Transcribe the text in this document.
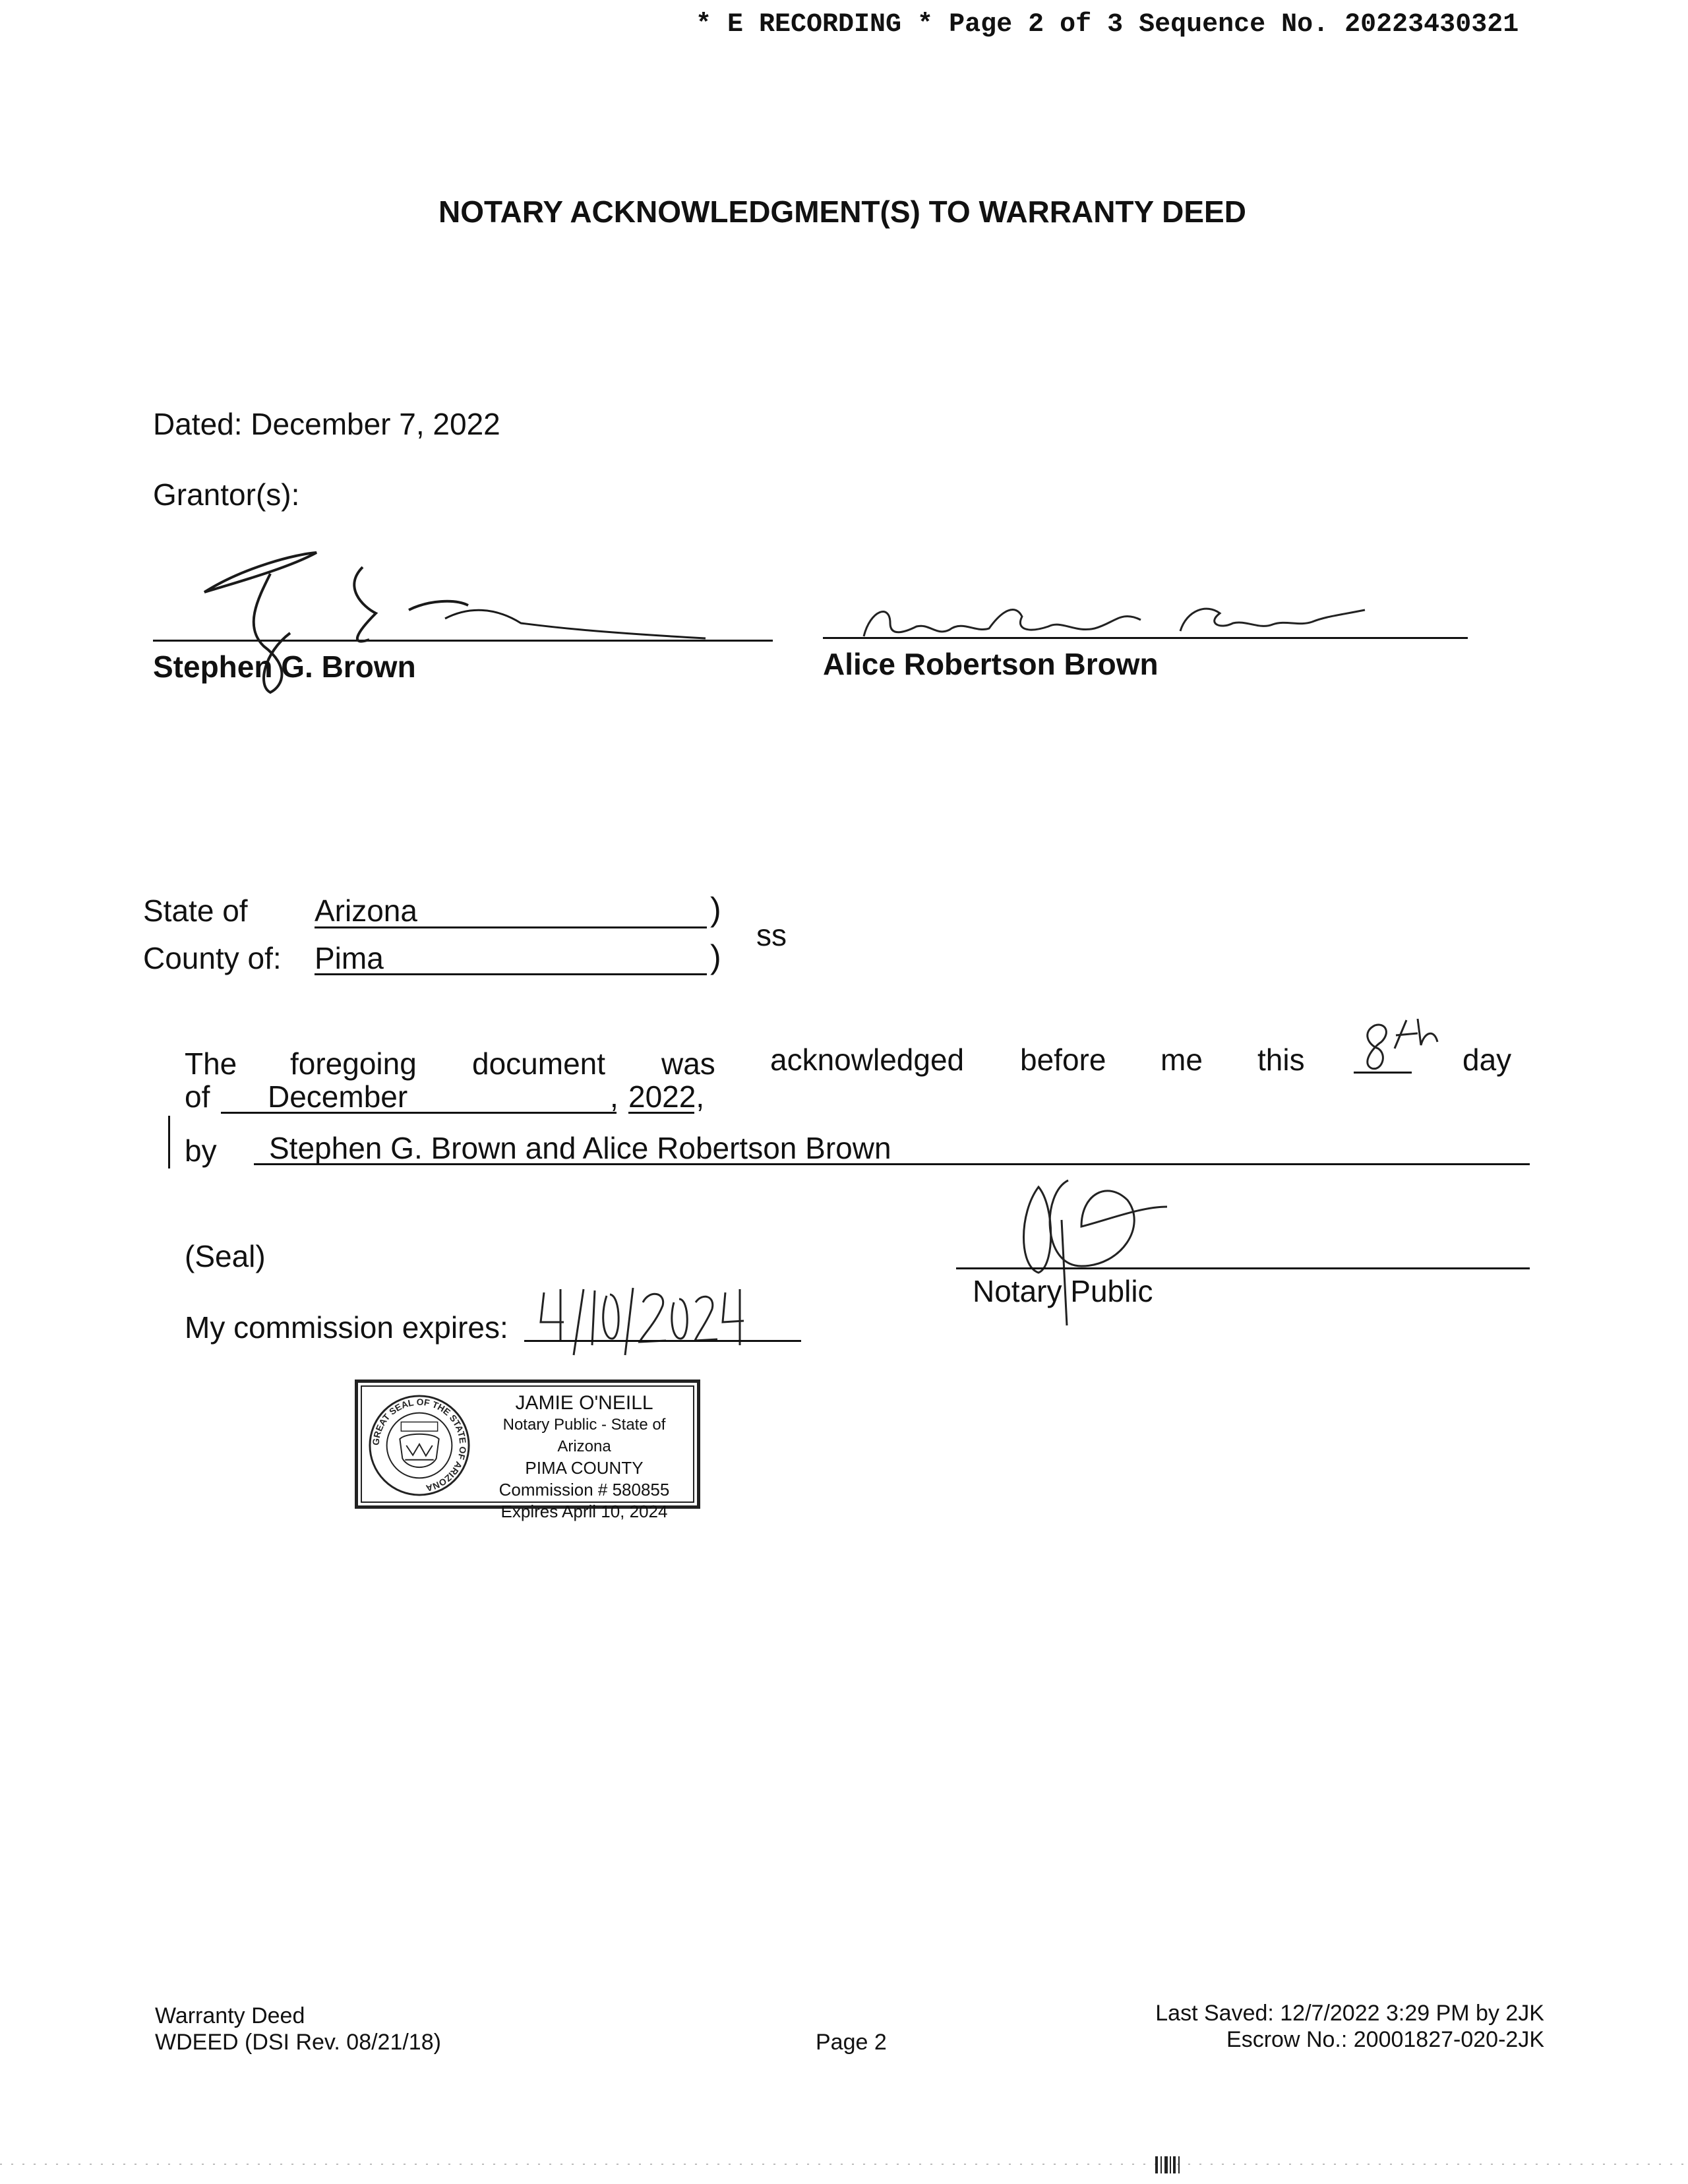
* E RECORDING * Page 2 of 3 Sequence No. 20223430321
NOTARY ACKNOWLEDGMENT(S) TO WARRANTY DEED
Dated: December 7, 2022
Grantor(s):
Stephen G. Brown	Alice Robertson Brown
State of Arizona	)
County of: Pima	)
ss
The foregoing document was acknowledged before me this	day
of December	, 2022,
by Stephen G. Brown and Alice Robertson Brown
Notary Public
(Seal)
My commission expires:
GREAT SEAL OF THE STATE OF ARIZONA
JAMIE O'NEILL
Notary Public - State of Arizona
PIMA COUNTY
Commission # 580855
Expires April 10, 2024
Warranty Deed
WDEED (DSI Rev. 08/21/18)	Page 2
Last Saved: 12/7/2022 3:29 PM by 2JK
Escrow No.: 20001827-020-2JK
